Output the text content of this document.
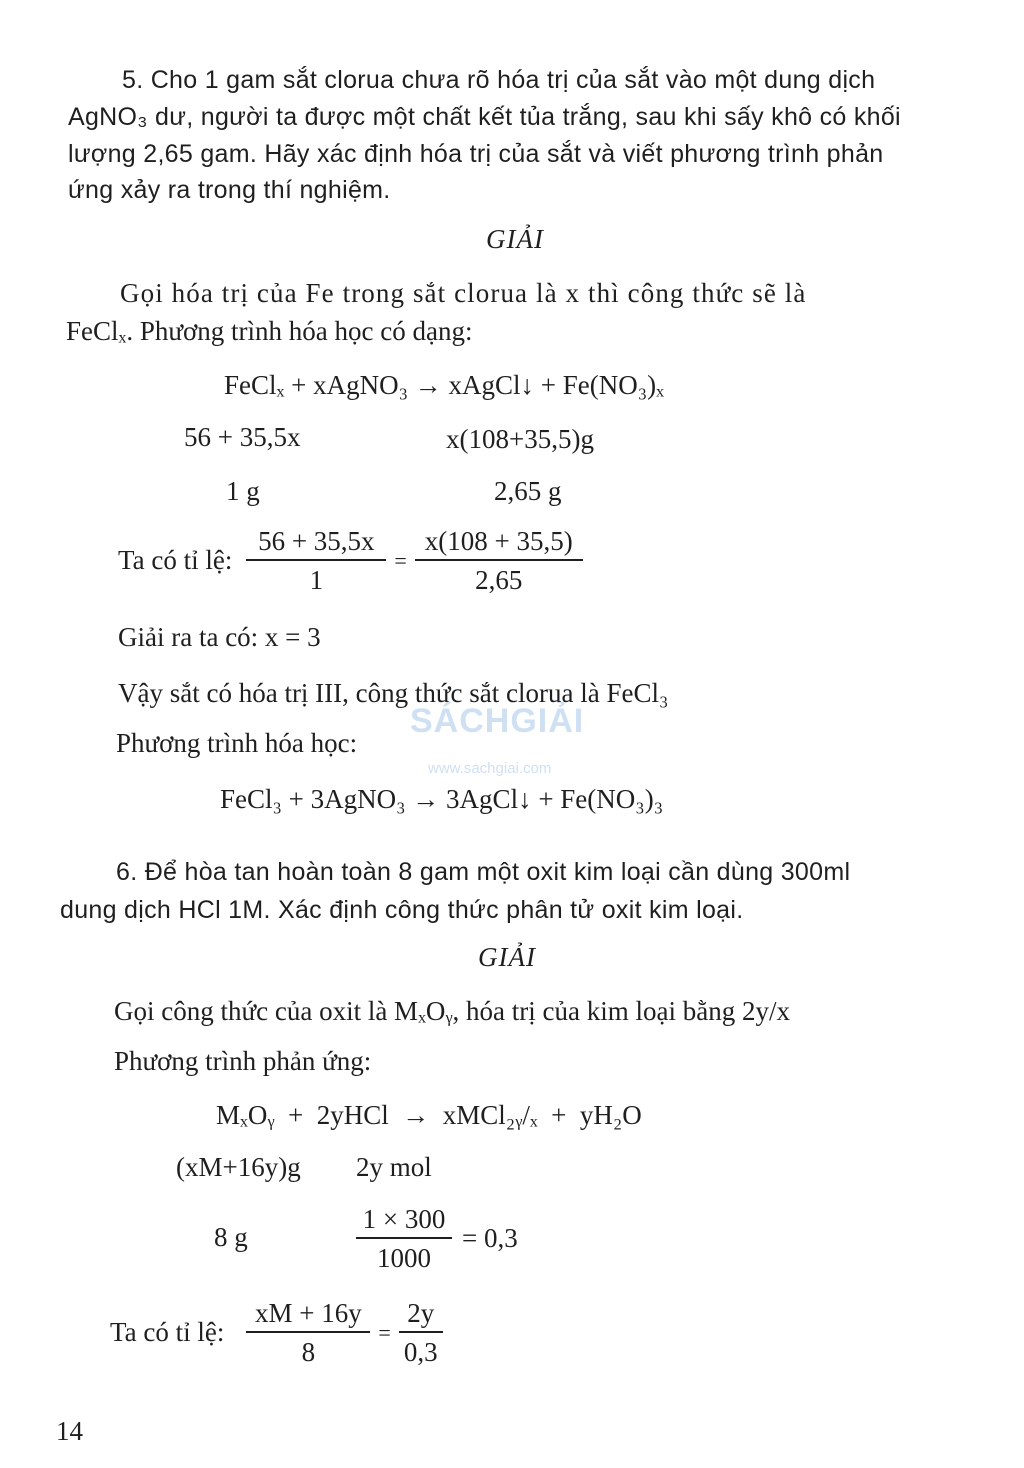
5. Cho 1 gam sắt clorua chưa rõ hóa trị của sắt vào một dung dịch
AgNO₃ dư, người ta được một chất kết tủa trắng, sau khi sấy khô có khối
lượng 2,65 gam. Hãy xác định hóa trị của sắt và viết phương trình phản
ứng xảy ra trong thí nghiệm.
GIẢI
Gọi hóa trị của Fe trong sắt clorua là x thì công thức sẽ là
FeClₓ. Phương trình hóa học có dạng:
FeClₓ + xAgNO₃ → xAgCl↓ + Fe(NO₃)ₓ
56 + 35,5x	x(108+35,5)g
1 g	2,65 g
Ta có tỉ lệ: $\frac{56 + 35,5x}{1} = \frac{x(108 + 35,5)}{2,65}$
Giải ra ta có: x = 3
Vậy sắt có hóa trị III, công thức sắt clorua là FeCl₃
Phương trình hóa học:
FeCl₃ + 3AgNO₃ → 3AgCl↓ + Fe(NO₃)₃
SÁCHGIẢI
www.sachgiai.com
6. Để hòa tan hoàn toàn 8 gam một oxit kim loại cần dùng 300ml
dung dịch HCl 1M. Xác định công thức phân tử oxit kim loại.
GIẢI
Gọi công thức của oxit là MₓOᵧ, hóa trị của kim loại bằng 2y/x
Phương trình phản ứng:
MₓOᵧ  +  2yHCl  →  xMCl₂ᵧ/ₓ  +  yH₂O
(xM+16y)g 2y mol
8 g	$\frac{1 \times 300}{1000} = 0,3$
Ta có tỉ lệ: $\frac{xM + 16y}{8} = \frac{2y}{0,3}$
14
